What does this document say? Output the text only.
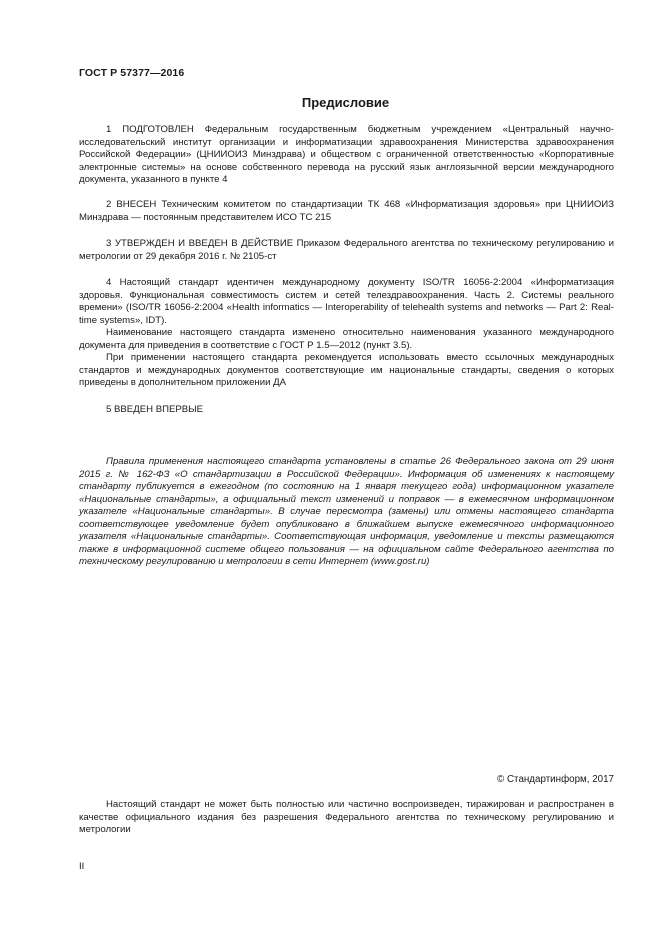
ГОСТ Р 57377—2016
Предисловие

1 ПОДГОТОВЛЕН Федеральным государственным бюджетным учреждением «Центральный научно-исследовательский институт организации и информатизации здравоохранения Министерства здравоохранения Российской Федерации» (ЦНИИОИЗ Минздрава) и обществом с ограниченной ответственностью «Корпоративные электронные системы» на основе собственного перевода на русский язык англоязычной версии международного документа, указанного в пункте 4

2 ВНЕСЕН Техническим комитетом по стандартизации ТК 468 «Информатизация здоровья» при ЦНИИОИЗ Минздрава — постоянным представителем ИСО ТС 215

3 УТВЕРЖДЕН И ВВЕДЕН В ДЕЙСТВИЕ Приказом Федерального агентства по техническому регулированию и метрологии от 29 декабря 2016 г. № 2105-ст

4 Настоящий стандарт идентичен международному документу ISO/TR 16056-2:2004 «Информатизация здоровья. Функциональная совместимость систем и сетей телездравоохранения. Часть 2. Системы реального времени» (ISO/TR 16056-2:2004 «Health informatics — Interoperability of telehealth systems and networks — Part 2: Real-time systems», IDT).

Наименование настоящего стандарта изменено относительно наименования указанного международного документа для приведения в соответствие с ГОСТ Р 1.5—2012 (пункт 3.5).

При применении настоящего стандарта рекомендуется использовать вместо ссылочных международных стандартов и международных документов соответствующие им национальные стандарты, сведения о которых приведены в дополнительном приложении ДА

5 ВВЕДЕН ВПЕРВЫЕ

Правила применения настоящего стандарта установлены в статье 26 Федерального закона от 29 июня 2015 г. № 162-ФЗ «О стандартизации в Российской Федерации». Информация об изменениях к настоящему стандарту публикуется в ежегодном (по состоянию на 1 января текущего года) информационном указателе «Национальные стандарты», а официальный текст изменений и поправок — в ежемесячном информационном указателе «Национальные стандарты». В случае пересмотра (замены) или отмены настоящего стандарта соответствующее уведомление будет опубликовано в ближайшем выпуске ежемесячного информационного указателя «Национальные стандарты». Соответствующая информация, уведомление и тексты размещаются также в информационной системе общего пользования — на официальном сайте Федерального агентства по техническому регулированию и метрологии в сети Интернет (www.gost.ru)

© Стандартинформ, 2017

Настоящий стандарт не может быть полностью или частично воспроизведен, тиражирован и распространен в качестве официального издания без разрешения Федерального агентства по техническому регулированию и метрологии

II
